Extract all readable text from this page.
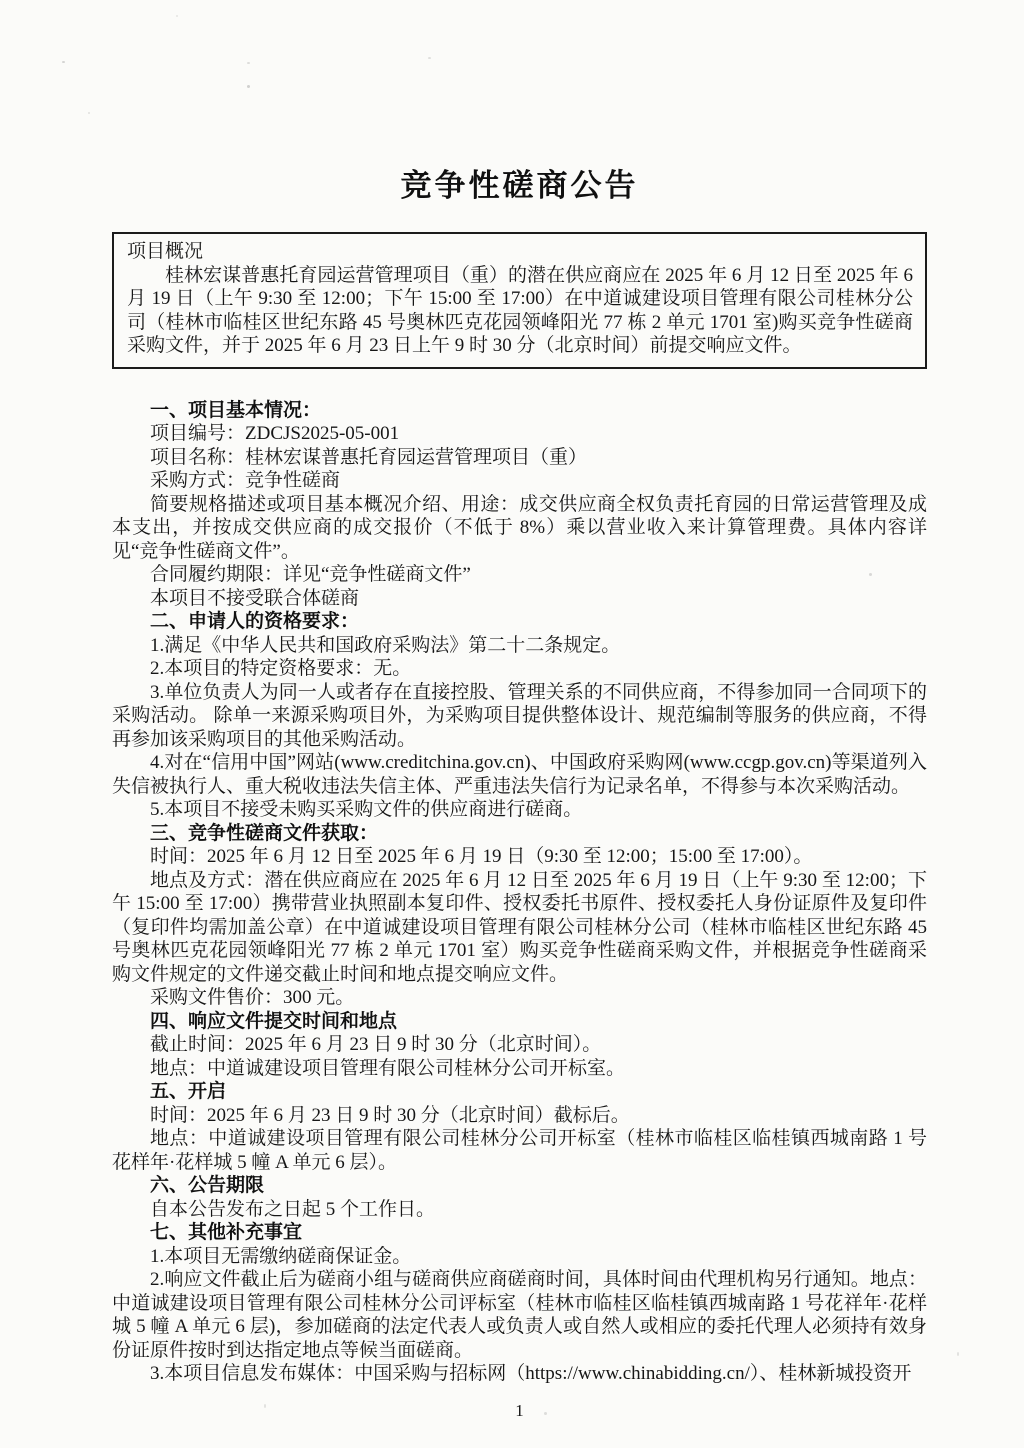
竞争性磋商公告

项目概况

桂林宏谋普惠托育园运营管理项目（重）的潜在供应商应在 2025 年 6 月 12 日至 2025 年 6 月 19 日（上午 9:30 至 12:00；下午 15:00 至 17:00）在中道诚建设项目管理有限公司桂林分公司（桂林市临桂区世纪东路 45 号奥林匹克花园领峰阳光 77 栋 2 单元 1701 室)购买竞争性磋商采购文件，并于 2025 年 6 月 23 日上午 9 时 30 分（北京时间）前提交响应文件。

一、项目基本情况：

项目编号：ZDCJS2025-05-001

项目名称：桂林宏谋普惠托育园运营管理项目（重）

采购方式：竞争性磋商

简要规格描述或项目基本概况介绍、用途：成交供应商全权负责托育园的日常运营管理及成本支出，并按成交供应商的成交报价（不低于 8%）乘以营业收入来计算管理费。具体内容详见“竞争性磋商文件”。

合同履约期限：详见“竞争性磋商文件”

本项目不接受联合体磋商

二、申请人的资格要求：

1.满足《中华人民共和国政府采购法》第二十二条规定。

2.本项目的特定资格要求：无。

3.单位负责人为同一人或者存在直接控股、管理关系的不同供应商，不得参加同一合同项下的采购活动。 除单一来源采购项目外，为采购项目提供整体设计、规范编制等服务的供应商，不得再参加该采购项目的其他采购活动。

4.对在“信用中国”网站(www.creditchina.gov.cn)、中国政府采购网(www.ccgp.gov.cn)等渠道列入失信被执行人、重大税收违法失信主体、严重违法失信行为记录名单，不得参与本次采购活动。

5.本项目不接受未购买采购文件的供应商进行磋商。

三、竞争性磋商文件获取：

时间：2025 年 6 月 12 日至 2025 年 6 月 19 日（9:30 至 12:00；15:00 至 17:00）。

地点及方式：潜在供应商应在 2025 年 6 月 12 日至 2025 年 6 月 19 日（上午 9:30 至 12:00；下午 15:00 至 17:00）携带营业执照副本复印件、授权委托书原件、授权委托人身份证原件及复印件（复印件均需加盖公章）在中道诚建设项目管理有限公司桂林分公司（桂林市临桂区世纪东路 45 号奥林匹克花园领峰阳光 77 栋 2 单元 1701 室）购买竞争性磋商采购文件，并根据竞争性磋商采购文件规定的文件递交截止时间和地点提交响应文件。

采购文件售价：300 元。

四、响应文件提交时间和地点

截止时间：2025 年 6 月 23 日 9 时 30 分（北京时间）。

地点：中道诚建设项目管理有限公司桂林分公司开标室。

五、开启

时间：2025 年 6 月 23 日 9 时 30 分（北京时间）截标后。

地点：中道诚建设项目管理有限公司桂林分公司开标室（桂林市临桂区临桂镇西城南路 1 号花样年·花样城 5 幢 A 单元 6 层）。

六、公告期限

自本公告发布之日起 5 个工作日。

七、其他补充事宜

1.本项目无需缴纳磋商保证金。

2.响应文件截止后为磋商小组与磋商供应商磋商时间，具体时间由代理机构另行通知。地点：中道诚建设项目管理有限公司桂林分公司评标室（桂林市临桂区临桂镇西城南路 1 号花祥年·花样城 5 幢 A 单元 6 层)，参加磋商的法定代表人或负责人或自然人或相应的委托代理人必须持有效身份证原件按时到达指定地点等候当面磋商。

3.本项目信息发布媒体：中国采购与招标网（https://www.chinabidding.cn/）、桂林新城投资开

1
